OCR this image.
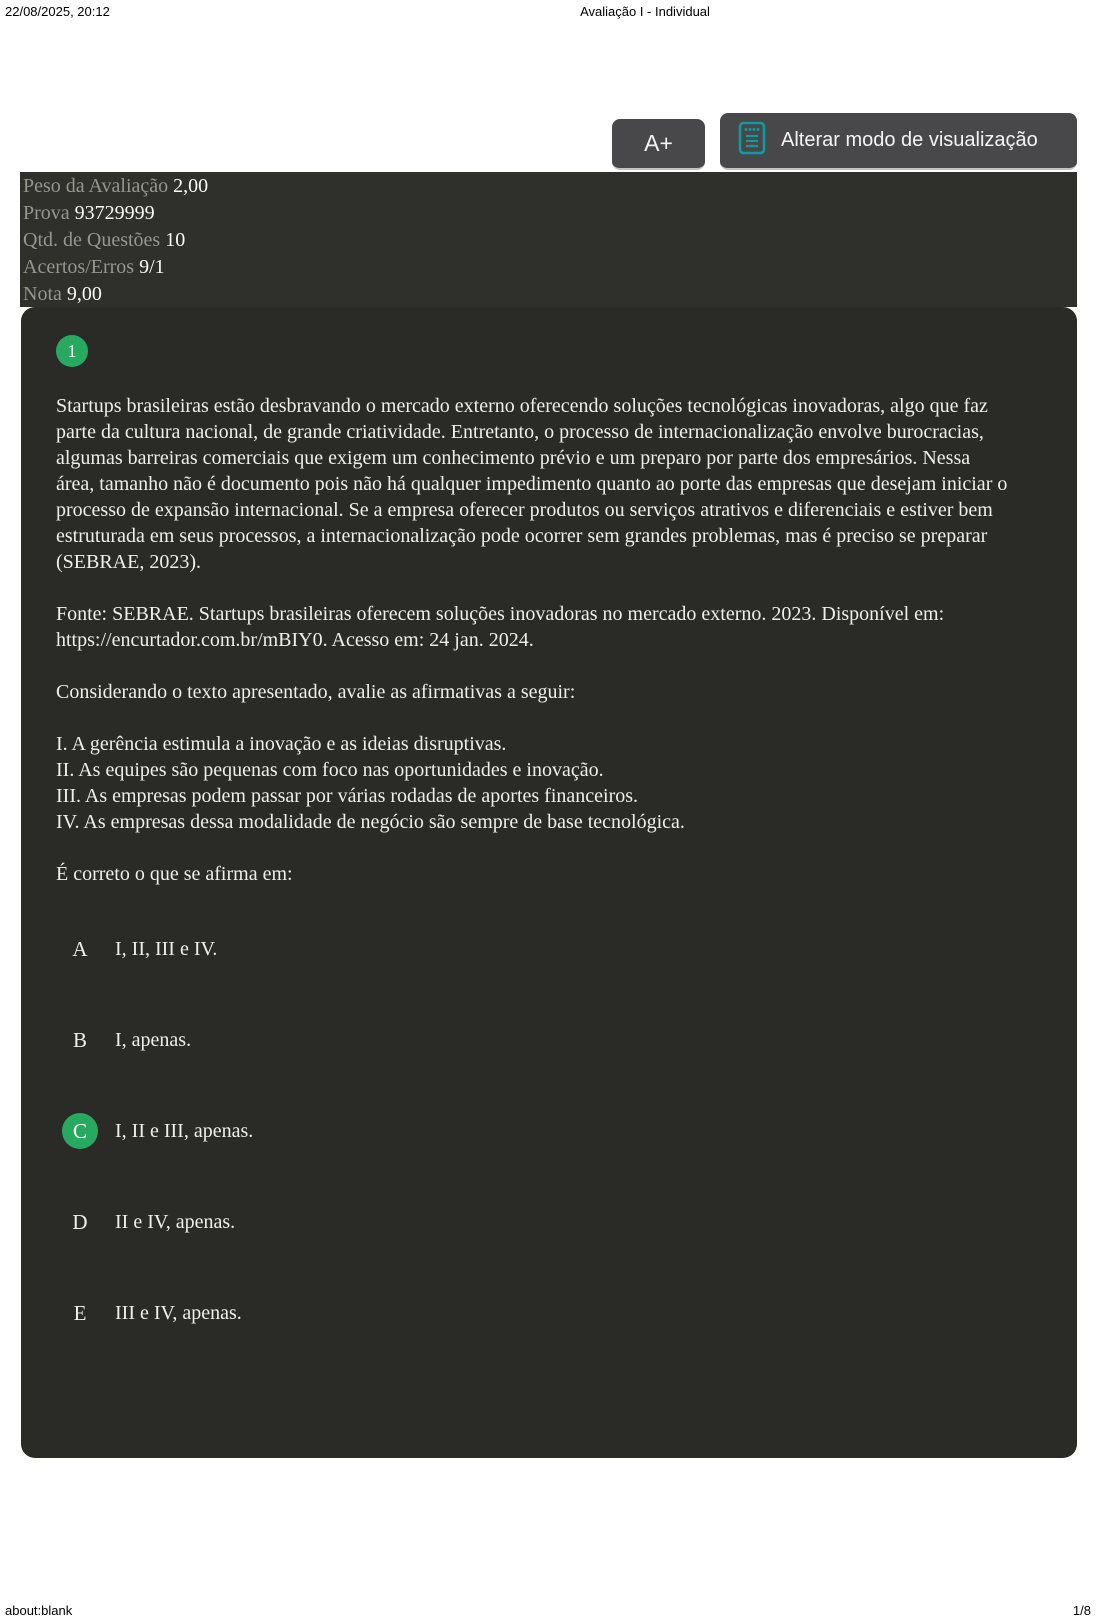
22/08/2025, 20:12	Avaliação I - Individual
A+	Alterar modo de visualização
Peso da Avaliação 2,00
Prova 93729999
Qtd. de Questões 10
Acertos/Erros 9/1
Nota 9,00
1

Startups brasileiras estão desbravando o mercado externo oferecendo soluções tecnológicas inovadoras, algo que faz parte da cultura nacional, de grande criatividade. Entretanto, o processo de internacionalização envolve burocracias, algumas barreiras comerciais que exigem um conhecimento prévio e um preparo por parte dos empresários. Nessa área, tamanho não é documento pois não há qualquer impedimento quanto ao porte das empresas que desejam iniciar o processo de expansão internacional. Se a empresa oferecer produtos ou serviços atrativos e diferenciais e estiver bem estruturada em seus processos, a internacionalização pode ocorrer sem grandes problemas, mas é preciso se preparar (SEBRAE, 2023).

Fonte: SEBRAE. Startups brasileiras oferecem soluções inovadoras no mercado externo. 2023. Disponível em: https://encurtador.com.br/mBIY0. Acesso em: 24 jan. 2024.

Considerando o texto apresentado, avalie as afirmativas a seguir:

I. A gerência estimula a inovação e as ideias disruptivas.
II. As equipes são pequenas com foco nas oportunidades e inovação.
III. As empresas podem passar por várias rodadas de aportes financeiros.
IV. As empresas dessa modalidade de negócio são sempre de base tecnológica.
É correto o que se afirma em:
A	I, II, III e IV.
B	I, apenas.
C	I, II e III, apenas.
D	II e IV, apenas.
E	III e IV, apenas.
about:blank	1/8
